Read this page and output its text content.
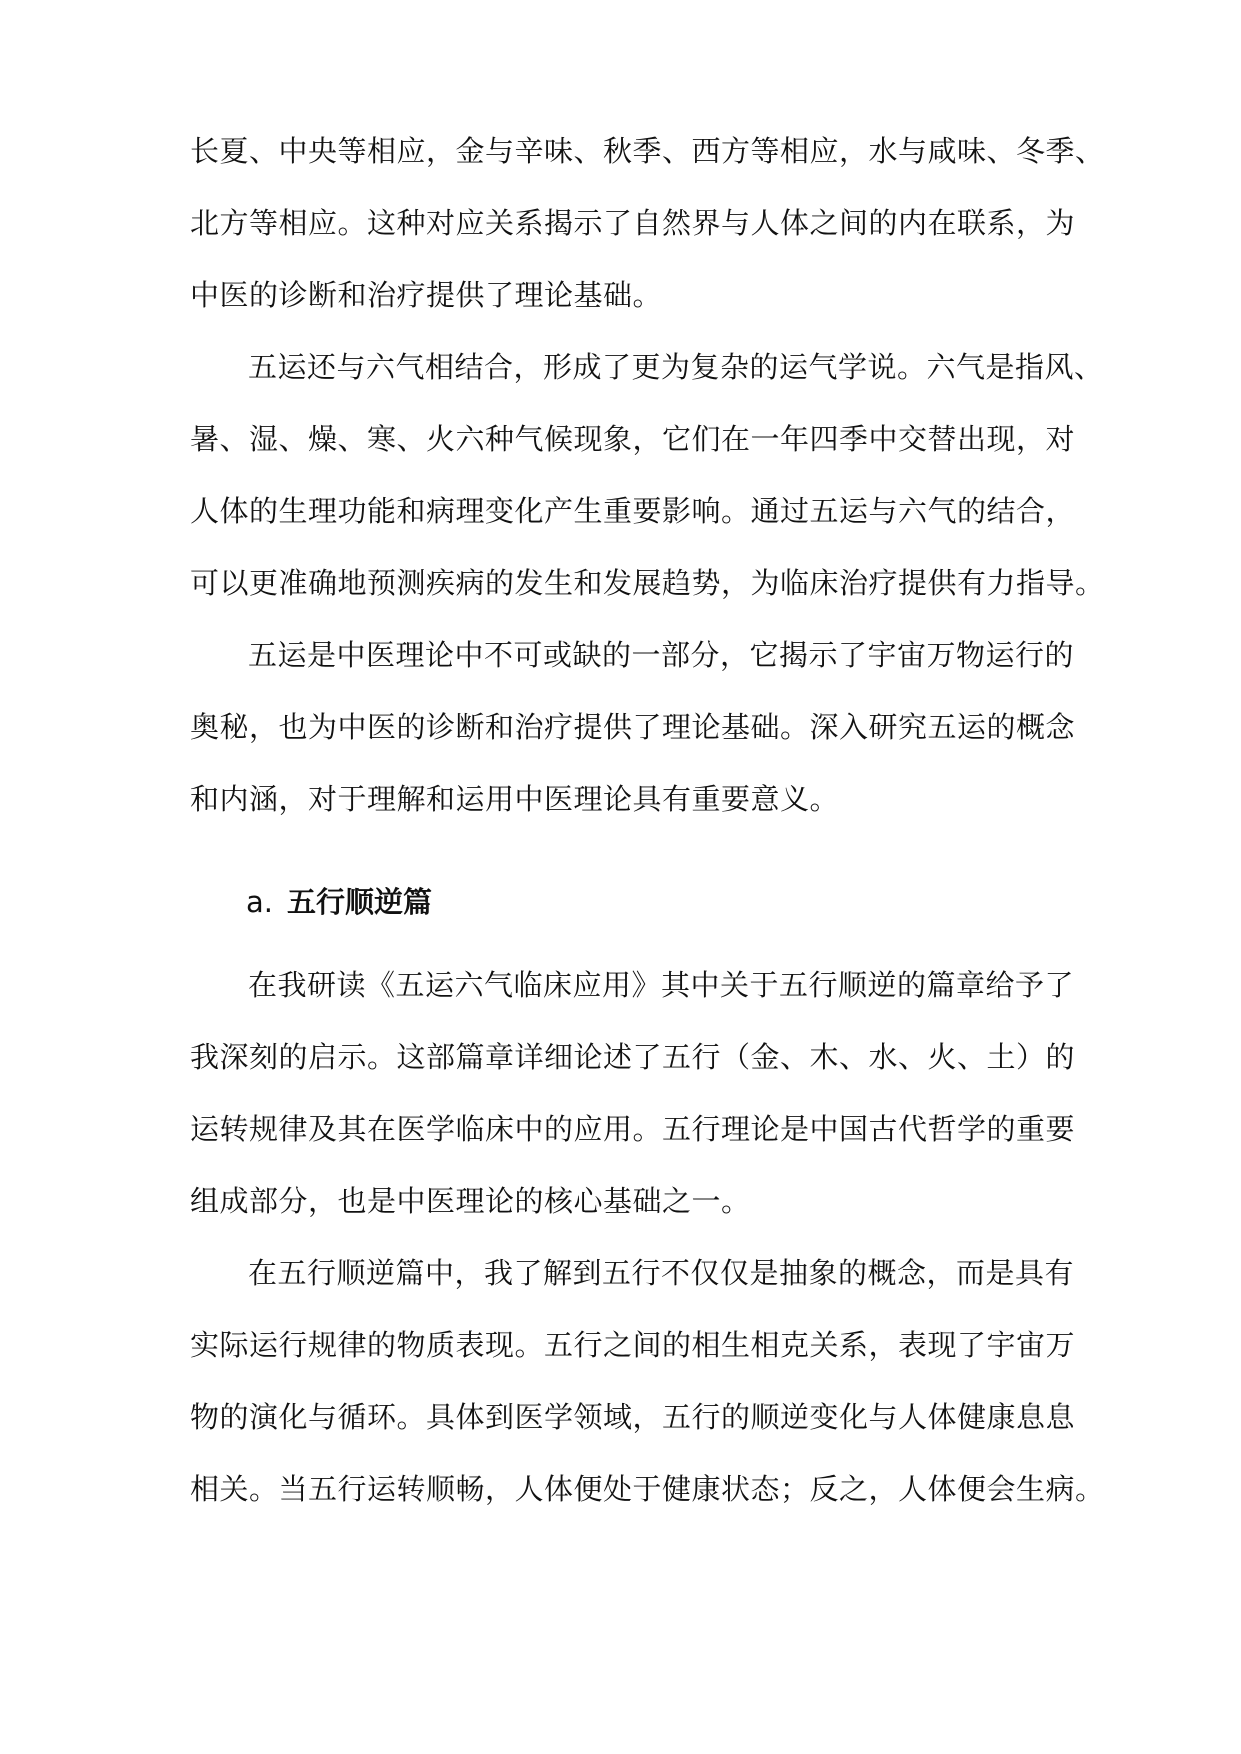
长夏、中央等相应，金与辛味、秋季、西方等相应，水与咸味、冬季、
北方等相应。这种对应关系揭示了自然界与人体之间的内在联系，为
中医的诊断和治疗提供了理论基础。
五运还与六气相结合，形成了更为复杂的运气学说。六气是指风、
暑、湿、燥、寒、火六种气候现象，它们在一年四季中交替出现，对
人体的生理功能和病理变化产生重要影响。通过五运与六气的结合，
可以更准确地预测疾病的发生和发展趋势，为临床治疗提供有力指导。
五运是中医理论中不可或缺的一部分，它揭示了宇宙万物运行的
奥秘，也为中医的诊断和治疗提供了理论基础。深入研究五运的概念
和内涵，对于理解和运用中医理论具有重要意义。
a. 五行顺逆篇
在我研读《五运六气临床应用》其中关于五行顺逆的篇章给予了
我深刻的启示。这部篇章详细论述了五行（金、木、水、火、土）的
运转规律及其在医学临床中的应用。五行理论是中国古代哲学的重要
组成部分，也是中医理论的核心基础之一。
在五行顺逆篇中，我了解到五行不仅仅是抽象的概念，而是具有
实际运行规律的物质表现。五行之间的相生相克关系，表现了宇宙万
物的演化与循环。具体到医学领域，五行的顺逆变化与人体健康息息
相关。当五行运转顺畅，人体便处于健康状态；反之，人体便会生病。
